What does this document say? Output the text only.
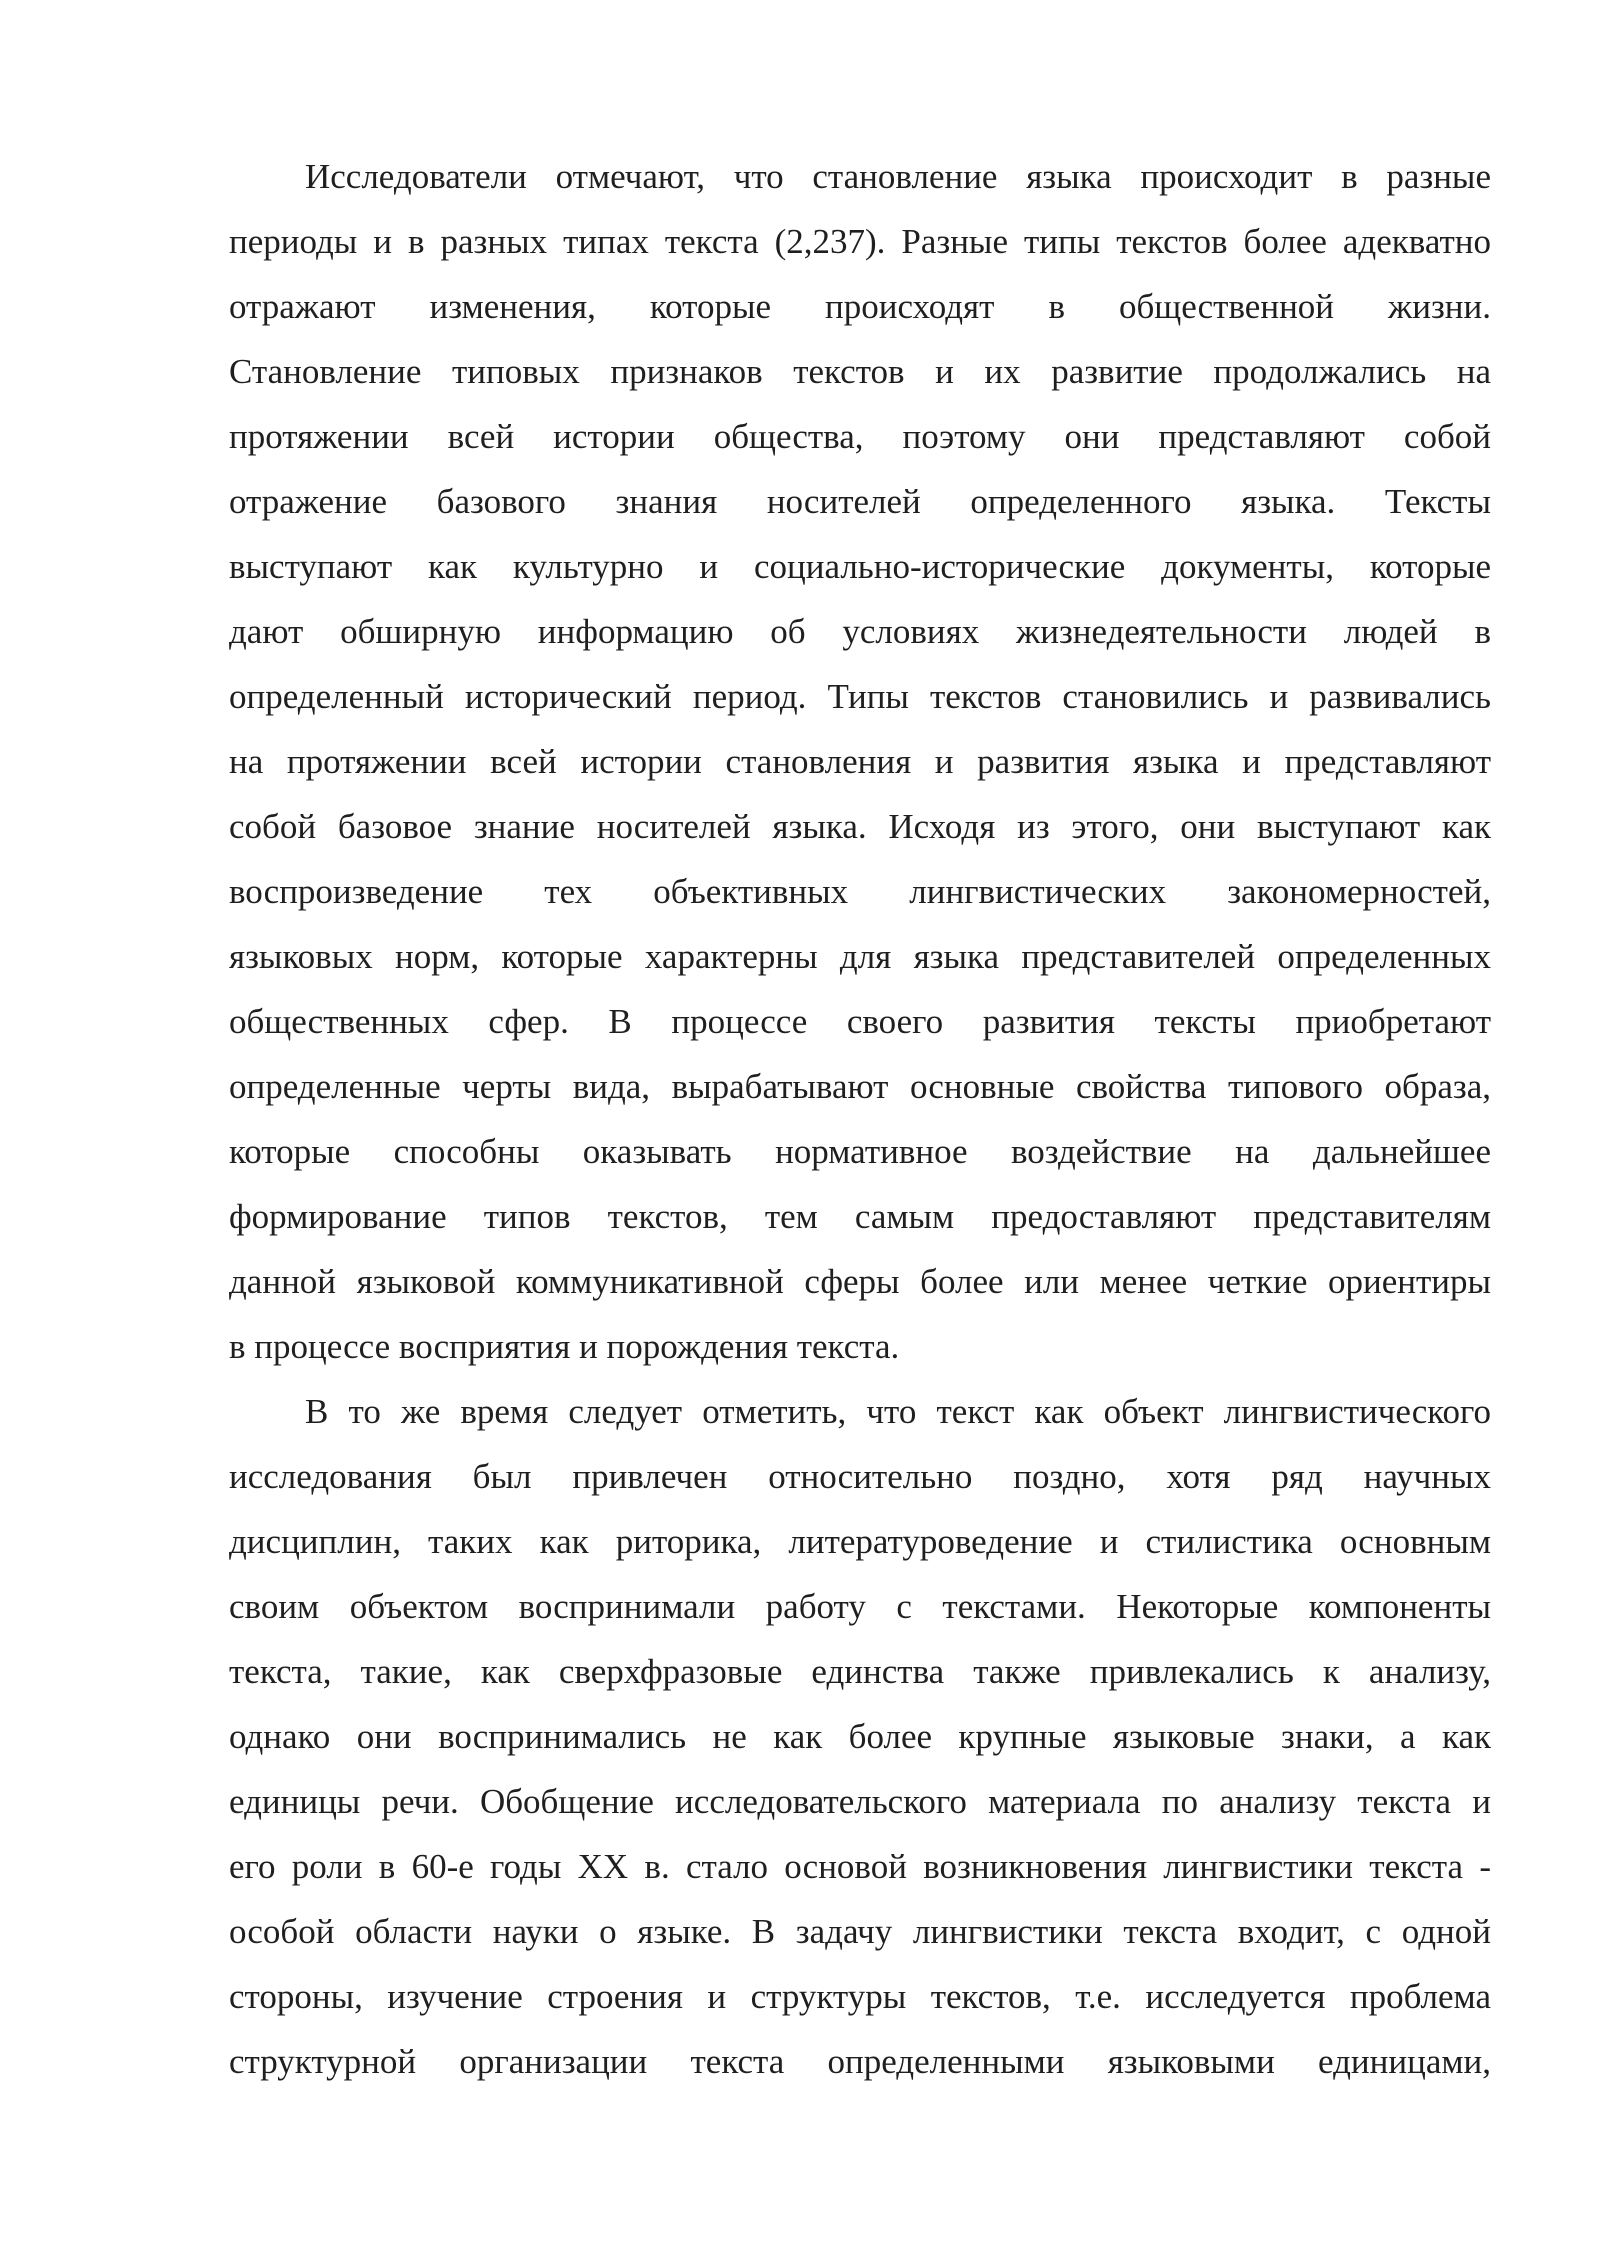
Исследователи отмечают, что становление языка происходит в разные
периоды и в разных типах текста (2,237). Разные типы текстов более адекватно
отражают изменения, которые происходят в общественной жизни.
Становление типовых признаков текстов и их развитие продолжались на
протяжении всей истории общества, поэтому они представляют собой
отражение базового знания носителей определенного языка. Тексты
выступают как культурно и социально-исторические документы, которые
дают обширную информацию об условиях жизнедеятельности людей в
определенный исторический период. Типы текстов становились и развивались
на протяжении всей истории становления и развития языка и представляют
собой базовое знание носителей языка. Исходя из этого, они выступают как
воспроизведение тех объективных лингвистических закономерностей,
языковых норм, которые характерны для языка представителей определенных
общественных сфер. В процессе своего развития тексты приобретают
определенные черты вида, вырабатывают основные свойства типового образа,
которые способны оказывать нормативное воздействие на дальнейшее
формирование типов текстов, тем самым предоставляют представителям
данной языковой коммуникативной сферы более или менее четкие ориентиры
в процессе восприятия и порождения текста.
В то же время следует отметить, что текст как объект лингвистического
исследования был привлечен относительно поздно, хотя ряд научных
дисциплин, таких как риторика, литературоведение и стилистика основным
своим объектом воспринимали работу с текстами. Некоторые компоненты
текста, такие, как сверхфразовые единства также привлекались к анализу,
однако они воспринимались не как более крупные языковые знаки, а как
единицы речи. Обобщение исследовательского материала по анализу текста и
его роли в 60-е годы XX в. стало основой возникновения лингвистики текста -
особой области науки о языке. В задачу лингвистики текста входит, с одной
стороны, изучение строения и структуры текстов, т.е. исследуется проблема
структурной организации текста определенными языковыми единицами,
